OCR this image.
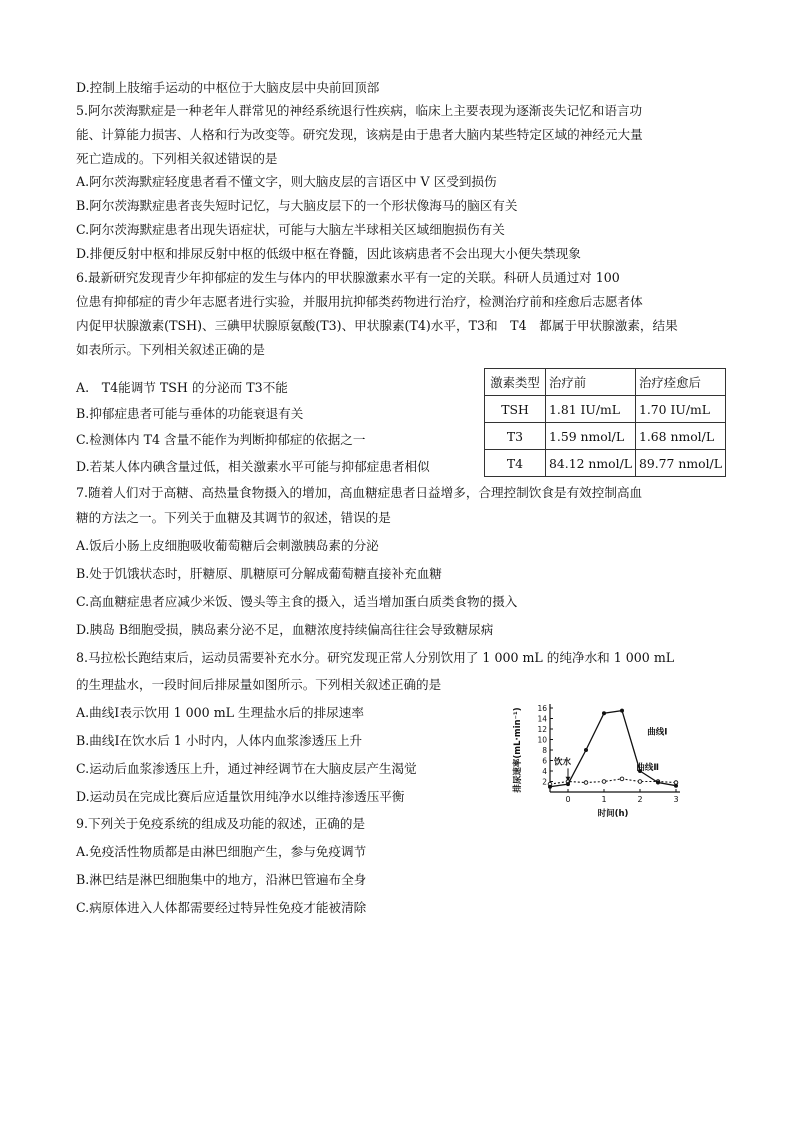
D.控制上肢缩手运动的中枢位于大脑皮层中央前回顶部
5.阿尔茨海默症是一种老年人群常见的神经系统退行性疾病，临床上主要表现为逐渐丧失记忆和语言功
能、计算能力损害、人格和行为改变等。研究发现，该病是由于患者大脑内某些特定区域的神经元大量
死亡造成的。下列相关叙述错误的是
A.阿尔茨海默症轻度患者看不懂文字，则大脑皮层的言语区中 V 区受到损伤
B.阿尔茨海默症患者丧失短时记忆，与大脑皮层下的一个形状像海马的脑区有关
C.阿尔茨海默症患者出现失语症状，可能与大脑左半球相关区域细胞损伤有关
D.排便反射中枢和排尿反射中枢的低级中枢在脊髓，因此该病患者不会出现大小便失禁现象
6.最新研究发现青少年抑郁症的发生与体内的甲状腺激素水平有一定的关联。科研人员通过对 100
位患有抑郁症的青少年志愿者进行实验，并服用抗抑郁类药物进行治疗，检测治疗前和痊愈后志愿者体
内促甲状腺激素(TSH)、三碘甲状腺原氨酸(T3)、甲状腺素(T4)水平，T3和　T4　都属于甲状腺激素，结果
如表所示。下列相关叙述正确的是
A.　T4能调节 TSH 的分泌而 T3不能
B.抑郁症患者可能与垂体的功能衰退有关
C.检测体内 T4 含量不能作为判断抑郁症的依据之一
D.若某人体内碘含量过低，相关激素水平可能与抑郁症患者相似
7.随着人们对于高糖、高热量食物摄入的增加，高血糖症患者日益增多，合理控制饮食是有效控制高血
糖的方法之一。下列关于血糖及其调节的叙述，错误的是
A.饭后小肠上皮细胞吸收葡萄糖后会刺激胰岛素的分泌
B.处于饥饿状态时，肝糖原、肌糖原可分解成葡萄糖直接补充血糖
C.高血糖症患者应减少米饭、馒头等主食的摄入，适当增加蛋白质类食物的摄入
D.胰岛 B细胞受损，胰岛素分泌不足，血糖浓度持续偏高往往会导致糖尿病
8.马拉松长跑结束后，运动员需要补充水分。研究发现正常人分别饮用了 1 000 mL 的纯净水和 1 000 mL
的生理盐水，一段时间后排尿量如图所示。下列相关叙述正确的是
A.曲线Ⅰ表示饮用 1 000 mL 生理盐水后的排尿速率
B.曲线Ⅰ在饮水后 1 小时内，人体内血浆渗透压上升
C.运动后血浆渗透压上升，通过神经调节在大脑皮层产生渴觉
D.运动员在完成比赛后应适量饮用纯净水以维持渗透压平衡
9.下列关于免疫系统的组成及功能的叙述，正确的是
A.免疫活性物质都是由淋巴细胞产生，参与免疫调节
B.淋巴结是淋巴细胞集中的地方，沿淋巴管遍布全身
C.病原体进入人体都需要经过特异性免疫才能被清除
激素类型	治疗前	治疗痊愈后
TSH	1.81 IU/mL	1.70 IU/mL
T3	1.59 nmol/L	1.68 nmol/L
T4	84.12 nmol/L	89.77 nmol/L
2
4
6
8
10
12
14
16
0	1	2	3
时间(h)
排尿速率(mL·min⁻¹)	曲线Ⅰ
曲线Ⅱ
饮水
